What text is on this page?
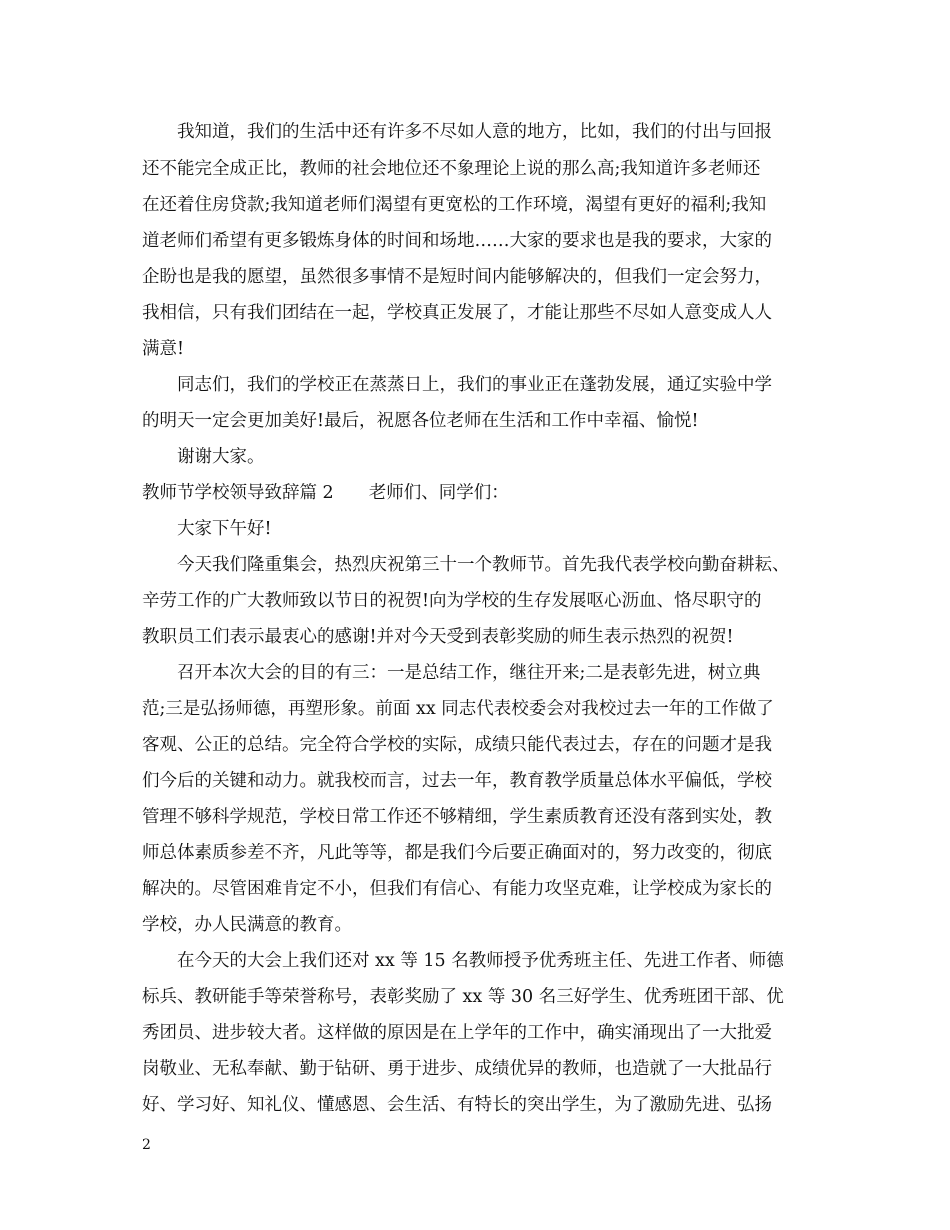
　　我知道，我们的生活中还有许多不尽如人意的地方，比如，我们的付出与回报
还不能完全成正比，教师的社会地位还不象理论上说的那么高;我知道许多老师还
在还着住房贷款;我知道老师们渴望有更宽松的工作环境，渴望有更好的福利;我知
道老师们希望有更多锻炼身体的时间和场地……大家的要求也是我的要求，大家的
企盼也是我的愿望，虽然很多事情不是短时间内能够解决的，但我们一定会努力，
我相信，只有我们团结在一起，学校真正发展了，才能让那些不尽如人意变成人人
满意!
　　同志们，我们的学校正在蒸蒸日上，我们的事业正在蓬勃发展，通辽实验中学
的明天一定会更加美好!最后，祝愿各位老师在生活和工作中幸福、愉悦!
　　谢谢大家。
教师节学校领导致辞篇 2　　老师们、同学们：
　　大家下午好!
　　今天我们隆重集会，热烈庆祝第三十一个教师节。首先我代表学校向勤奋耕耘、
辛劳工作的广大教师致以节日的祝贺!向为学校的生存发展呕心沥血、恪尽职守的
教职员工们表示最衷心的感谢!并对今天受到表彰奖励的师生表示热烈的祝贺!
　　召开本次大会的目的有三：一是总结工作，继往开来;二是表彰先进，树立典
范;三是弘扬师德，再塑形象。前面 xx 同志代表校委会对我校过去一年的工作做了
客观、公正的总结。完全符合学校的实际，成绩只能代表过去，存在的问题才是我
们今后的关键和动力。就我校而言，过去一年，教育教学质量总体水平偏低，学校
管理不够科学规范，学校日常工作还不够精细，学生素质教育还没有落到实处，教
师总体素质参差不齐，凡此等等，都是我们今后要正确面对的，努力改变的，彻底
解决的。尽管困难肯定不小，但我们有信心、有能力攻坚克难，让学校成为家长的
学校，办人民满意的教育。
　　在今天的大会上我们还对 xx 等 15 名教师授予优秀班主任、先进工作者、师德
标兵、教研能手等荣誉称号，表彰奖励了 xx 等 30 名三好学生、优秀班团干部、优
秀团员、进步较大者。这样做的原因是在上学年的工作中，确实涌现出了一大批爱
岗敬业、无私奉献、勤于钻研、勇于进步、成绩优异的教师，也造就了一大批品行
好、学习好、知礼仪、懂感恩、会生活、有特长的突出学生，为了激励先进、弘扬
2
